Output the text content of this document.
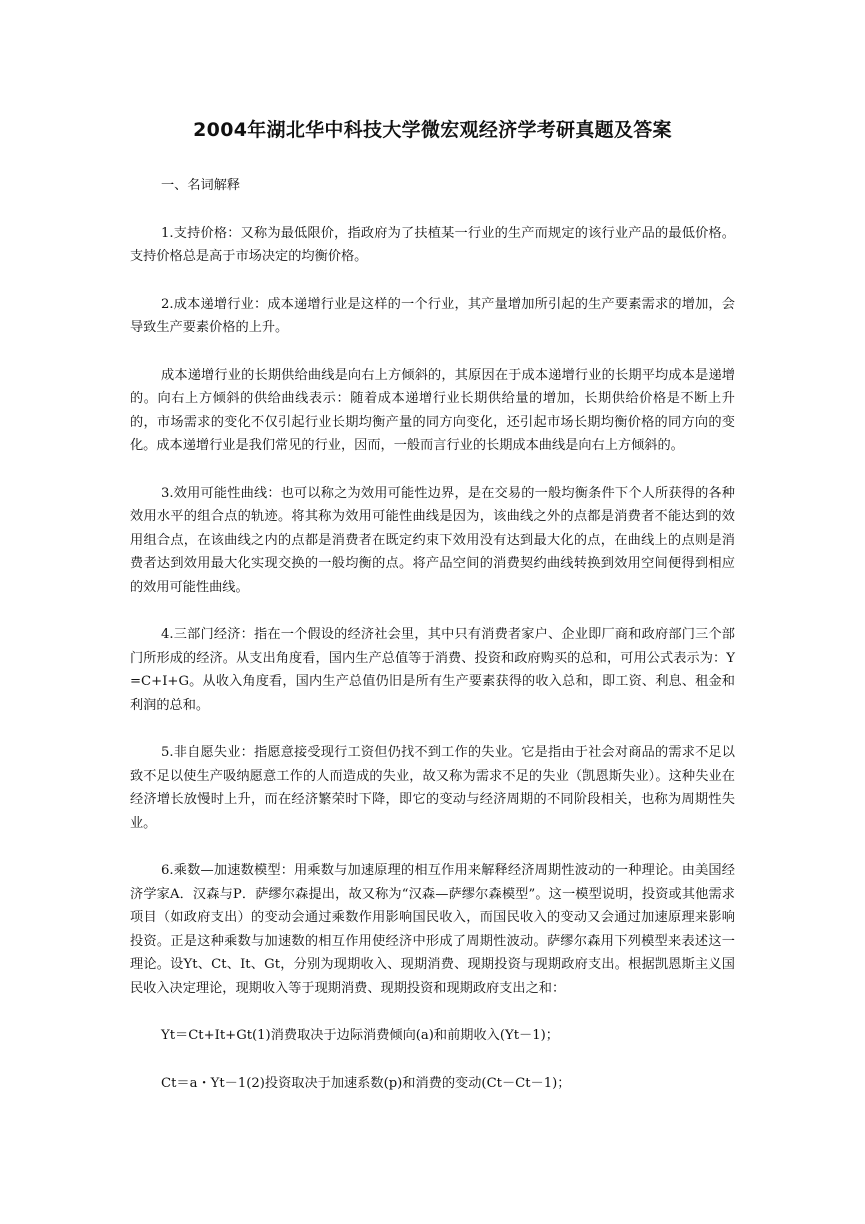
2004年湖北华中科技大学微宏观经济学考研真题及答案

一、名词解释

1.支持价格：又称为最低限价，指政府为了扶植某一行业的生产而规定的该行业产品的最低价格。支持价格总是高于市场决定的均衡价格。

2.成本递增行业：成本递增行业是这样的一个行业，其产量增加所引起的生产要素需求的增加，会导致生产要素价格的上升。

成本递增行业的长期供给曲线是向右上方倾斜的，其原因在于成本递增行业的长期平均成本是递增的。向右上方倾斜的供给曲线表示：随着成本递增行业长期供给量的增加，长期供给价格是不断上升的，市场需求的变化不仅引起行业长期均衡产量的同方向变化，还引起市场长期均衡价格的同方向的变化。成本递增行业是我们常见的行业，因而，一般而言行业的长期成本曲线是向右上方倾斜的。

3.效用可能性曲线：也可以称之为效用可能性边界，是在交易的一般均衡条件下个人所获得的各种效用水平的组合点的轨迹。将其称为效用可能性曲线是因为，该曲线之外的点都是消费者不能达到的效用组合点，在该曲线之内的点都是消费者在既定约束下效用没有达到最大化的点，在曲线上的点则是消费者达到效用最大化实现交换的一般均衡的点。将产品空间的消费契约曲线转换到效用空间便得到相应的效用可能性曲线。

4.三部门经济：指在一个假设的经济社会里，其中只有消费者家户、企业即厂商和政府部门三个部门所形成的经济。从支出角度看，国内生产总值等于消费、投资和政府购买的总和，可用公式表示为：Y=C+I+G。从收入角度看，国内生产总值仍旧是所有生产要素获得的收入总和，即工资、利息、租金和利润的总和。

5.非自愿失业：指愿意接受现行工资但仍找不到工作的失业。它是指由于社会对商品的需求不足以致不足以使生产吸纳愿意工作的人而造成的失业，故又称为需求不足的失业（凯恩斯失业）。这种失业在经济增长放慢时上升，而在经济繁荣时下降，即它的变动与经济周期的不同阶段相关，也称为周期性失业。

6.乘数—加速数模型：用乘数与加速原理的相互作用来解释经济周期性波动的一种理论。由美国经济学家A．汉森与P．萨缪尔森提出，故又称为“汉森—萨缪尔森模型”。这一模型说明，投资或其他需求项目（如政府支出）的变动会通过乘数作用影响国民收入，而国民收入的变动又会通过加速原理来影响投资。正是这种乘数与加速数的相互作用使经济中形成了周期性波动。萨缪尔森用下列模型来表述这一理论。设Yt、Ct、It、Gt，分别为现期收入、现期消费、现期投资与现期政府支出。根据凯恩斯主义国民收入决定理论，现期收入等于现期消费、现期投资和现期政府支出之和：

Yt＝Ct+It+Gt(1)消费取决于边际消费倾向(a)和前期收入(Yt－1)；

Ct＝a・Yt－1(2)投资取决于加速系数(p)和消费的变动(Ct－Ct－1)；
